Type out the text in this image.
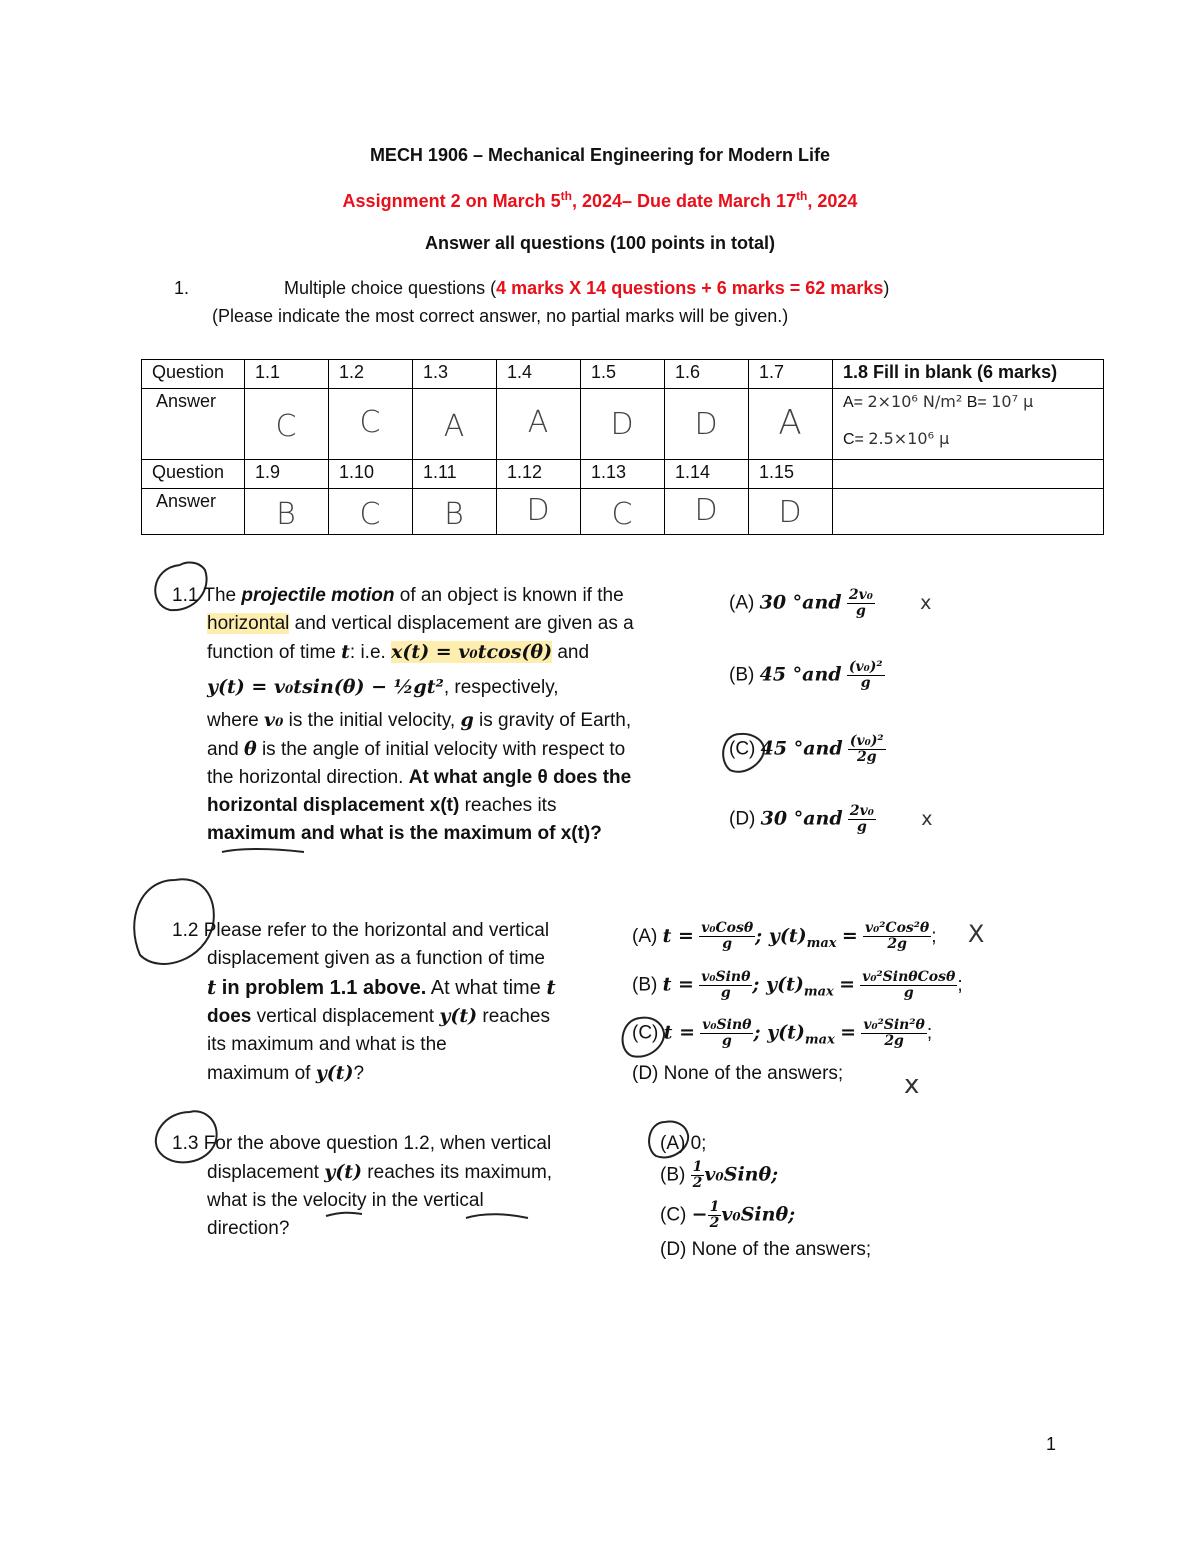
MECH 1906 – Mechanical Engineering for Modern Life
Assignment 2 on March 5th, 2024– Due date March 17th, 2024
Answer all questions (100 points in total)
1.	Multiple choice questions (4 marks X 14 questions + 6 marks = 62 marks)
(Please indicate the most correct answer, no partial marks will be given.)
Question	1.1	1.2	1.3	1.4	1.5	1.6	1.7	1.8 Fill in blank (6 marks)
Answer	C	C	A	A	D	D	A	A= 2×10⁶ N/m² B= 10⁷ μ
C= 2.5×10⁶ μ

Question	1.9	1.10	1.11	1.12	1.13	1.14	1.15	
Answer	B	C	B	D	C	D	D	

1.1 The projectile motion of an object is known if the
horizontal and vertical displacement are given as a
function of time t: i.e. x(t) = v₀tcos(θ) and
y(t) = v₀tsin(θ) − ½gt², respectively,
where v₀ is the initial velocity, g is gravity of Earth,
and θ is the angle of initial velocity with respect to
the horizontal direction. At what angle θ does the
horizontal displacement x(t) reaches its
maximum and what is the maximum of x(t)?
(A) 30 $^\circ and \frac{\text{2v₀}}{g}$ x
(B) 45 $^\circ and \frac{\text{(v₀)²}}{g}$
(C) 45 $^\circ and \frac{\text{(v₀)²}}{2g}$
(D) 30 $^\circ and \frac{\text{2v₀}}{g}$ x
1.2 Please refer to the horizontal and vertical
displacement given as a function of time
t in problem 1.1 above. At what time t
does vertical displacement y(t) reaches
its maximum and what is the
maximum of y(t)?
(A) $t = \frac{\text{v₀Cosθ}}{g}$ ; $y(t)_{max} = \frac{\text{v₀²Cos²θ}}{2g}$ ; X
(B) $t = \frac{\text{v₀Sinθ}}{g}$ ; $y(t)_{max} = \frac{\text{v₀²SinθCosθ}}{g}$ ;
(C) $t = \frac{\text{v₀Sinθ}}{g}$ ; $y(t)_{max} = \frac{\text{v₀²Sin²θ}}{2g}$ ;
(D) None of the answers; x
1.3 For the above question 1.2, when vertical
displacement y(t) reaches its maximum,
what is the velocity in the vertical
direction?
(A) 0;
$(B) \frac{1}{2} v_0Sin\theta$;
$(C) - \frac{1}{2} v_0Sin\theta$;
(D) None of the answers;
1
